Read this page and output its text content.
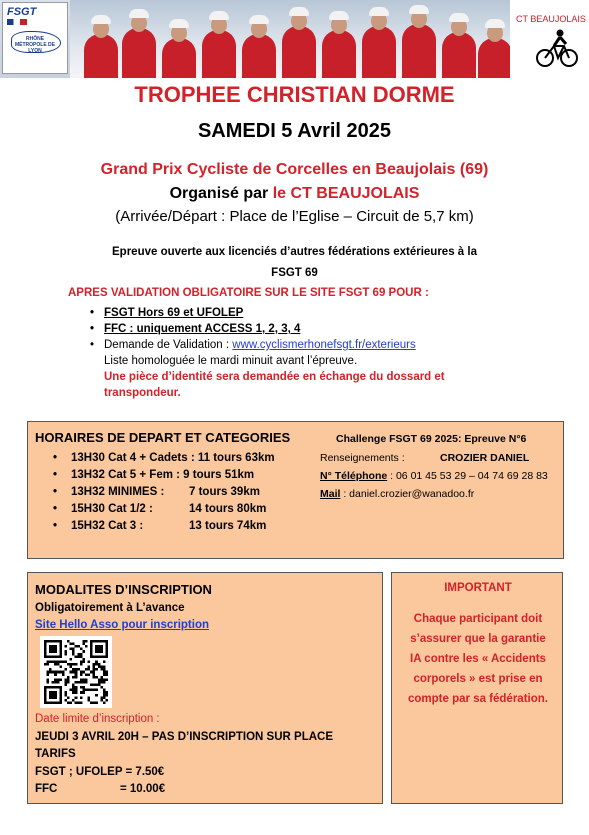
FSGT
RHÔNE MÉTROPOLE DE LYON
CT BEAUJOLAIS
TROPHEE CHRISTIAN DORME
SAMEDI 5 Avril 2025
Grand Prix Cycliste de Corcelles en Beaujolais (69)
Organisé par le CT BEAUJOLAIS
(Arrivée/Départ : Place de l’Eglise – Circuit de 5,7 km)
Epreuve ouverte aux licenciés d’autres fédérations extérieures à la
FSGT 69
APRES VALIDATION OBLIGATOIRE SUR LE SITE FSGT 69 POUR :
• FSGT Hors 69 et UFOLEP
• FFC : uniquement ACCESS 1, 2, 3, 4
• Demande de Validation : www.cyclismerhonefsgt.fr/exterieurs
Liste homologuée le mardi minuit avant l’épreuve.
Une pièce d’identité sera demandée en échange du dossard et
transpondeur.
HORAIRES DE DEPART ET CATEGORIES
• 13H30 Cat 4 + Cadets : 11 tours 63km
• 13H32 Cat 5 + Fem : 9 tours 51km
• 13H32 MINIMES : 7 tours 39km
• 15H30 Cat 1/2 :	14 tours 80km
• 15H32 Cat 3 :	13 tours 74km
Challenge FSGT 69 2025: Epreuve N°6
Renseignements :	CROZIER DANIEL
N° Téléphone : 06 01 45 53 29 – 04 74 69 28 83
Mail : daniel.crozier@wanadoo.fr
MODALITES D’INSCRIPTION
Obligatoirement à L’avance
Site Hello Asso pour inscription
Date limite d’inscription :
JEUDI 3 AVRIL 20H – PAS D’INSCRIPTION SUR PLACE
TARIFS
FSGT ; UFOLEP = 7.50€
FFC	= 10.00€
IMPORTANT
Chaque participant doit
s’assurer que la garantie
IA contre les « Accidents
corporels » est prise en
compte par sa fédération.
